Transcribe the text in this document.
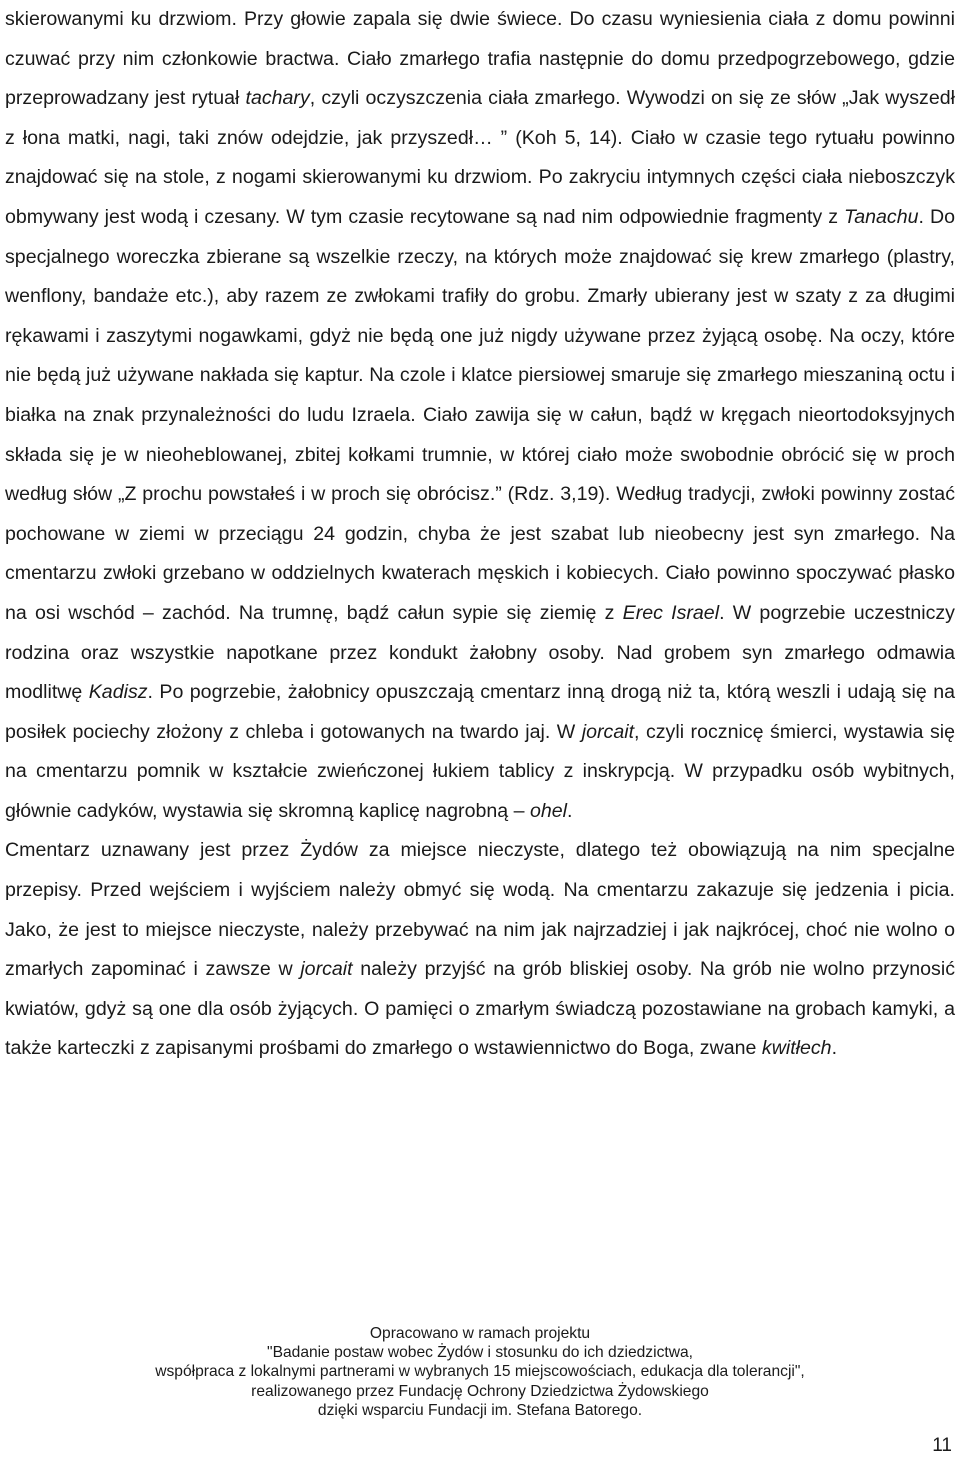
skierowanymi ku drzwiom. Przy głowie zapala się dwie świece. Do czasu wyniesienia ciała z domu powinni czuwać przy nim członkowie bractwa. Ciało zmarłego trafia następnie do domu przedpogrzebowego, gdzie przeprowadzany jest rytuał tachary, czyli oczyszczenia ciała zmarłego. Wywodzi on się ze słów „Jak wyszedł z łona matki, nagi, taki znów odejdzie, jak przyszedł… ” (Koh 5, 14). Ciało w czasie tego rytuału powinno znajdować się na stole, z nogami skierowanymi ku drzwiom. Po zakryciu intymnych części ciała nieboszczyk obmywany jest wodą i czesany. W tym czasie recytowane są nad nim odpowiednie fragmenty z Tanachu. Do specjalnego woreczka zbierane są wszelkie rzeczy, na których może znajdować się krew zmarłego (plastry, wenflony, bandaże etc.), aby razem ze zwłokami trafiły do grobu. Zmarły ubierany jest w szaty z za długimi rękawami i zaszytymi nogawkami, gdyż nie będą one już nigdy używane przez żyjącą osobę. Na oczy, które nie będą już używane nakłada się kaptur. Na czole i klatce piersiowej smaruje się zmarłego mieszaniną octu i białka na znak przynależności do ludu Izraela. Ciało zawija się w całun, bądź w kręgach nieortodoksyjnych składa się je w nieoheblowanej, zbitej kołkami trumnie, w której ciało może swobodnie obrócić się w proch według słów „Z prochu powstałeś i w proch się obrócisz.” (Rdz. 3,19). Według tradycji, zwłoki powinny zostać pochowane w ziemi w przeciągu 24 godzin, chyba że jest szabat lub nieobecny jest syn zmarłego. Na cmentarzu zwłoki grzebano w oddzielnych kwaterach męskich i kobiecych. Ciało powinno spoczywać płasko na osi wschód – zachód. Na trumnę, bądź całun sypie się ziemię z Erec Israel. W pogrzebie uczestniczy rodzina oraz wszystkie napotkane przez kondukt żałobny osoby. Nad grobem syn zmarłego odmawia modlitwę Kadisz. Po pogrzebie, żałobnicy opuszczają cmentarz inną drogą niż ta, którą weszli i udają się na posiłek pociechy złożony z chleba i gotowanych na twardo jaj. W jorcait, czyli rocznicę śmierci, wystawia się na cmentarzu pomnik w kształcie zwieńczonej łukiem tablicy z inskrypcją. W przypadku osób wybitnych, głównie cadyków, wystawia się skromną kaplicę nagrobną – ohel.

Cmentarz uznawany jest przez Żydów za miejsce nieczyste, dlatego też obowiązują na nim specjalne przepisy. Przed wejściem i wyjściem należy obmyć się wodą. Na cmentarzu zakazuje się jedzenia i picia. Jako, że jest to miejsce nieczyste, należy przebywać na nim jak najrzadziej i jak najkrócej, choć nie wolno o zmarłych zapominać i zawsze w jorcait należy przyjść na grób bliskiej osoby. Na grób nie wolno przynosić kwiatów, gdyż są one dla osób żyjących. O pamięci o zmarłym świadczą pozostawiane na grobach kamyki, a także karteczki z zapisanymi prośbami do zmarłego o wstawiennictwo do Boga, zwane kwitłech.

Opracowano w ramach projektu
"Badanie postaw wobec Żydów i stosunku do ich dziedzictwa,
współpraca z lokalnymi partnerami w wybranych 15 miejscowościach, edukacja dla tolerancji",
realizowanego przez Fundację Ochrony Dziedzictwa Żydowskiego
dzięki wsparciu Fundacji im. Stefana Batorego.
11
